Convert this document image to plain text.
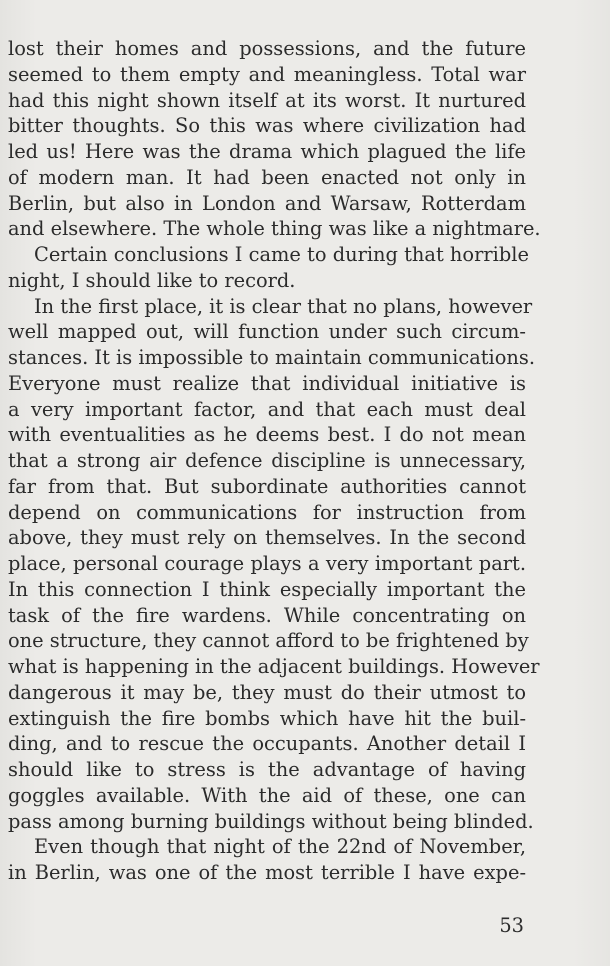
lost their homes and possessions, and the future
seemed to them empty and meaningless. Total war
had this night shown itself at its worst. It nurtured
bitter thoughts. So this was where civilization had
led us! Here was the drama which plagued the life
of modern man. It had been enacted not only in
Berlin, but also in London and Warsaw, Rotterdam
and elsewhere. The whole thing was like a nightmare.
Certain conclusions I came to during that horrible
night, I should like to record.
In the first place, it is clear that no plans, however
well mapped out, will function under such circum-
stances. It is impossible to maintain communications.
Everyone must realize that individual initiative is
a very important factor, and that each must deal
with eventualities as he deems best. I do not mean
that a strong air defence discipline is unnecessary,
far from that. But subordinate authorities cannot
depend on communications for instruction from
above, they must rely on themselves. In the second
place, personal courage plays a very important part.
In this connection I think especially important the
task of the fire wardens. While concentrating on
one structure, they cannot afford to be frightened by
what is happening in the adjacent buildings. However
dangerous it may be, they must do their utmost to
extinguish the fire bombs which have hit the buil-
ding, and to rescue the occupants. Another detail I
should like to stress is the advantage of having
goggles available. With the aid of these, one can
pass among burning buildings without being blinded.
Even though that night of the 22nd of November,
in Berlin, was one of the most terrible I have expe-
53
